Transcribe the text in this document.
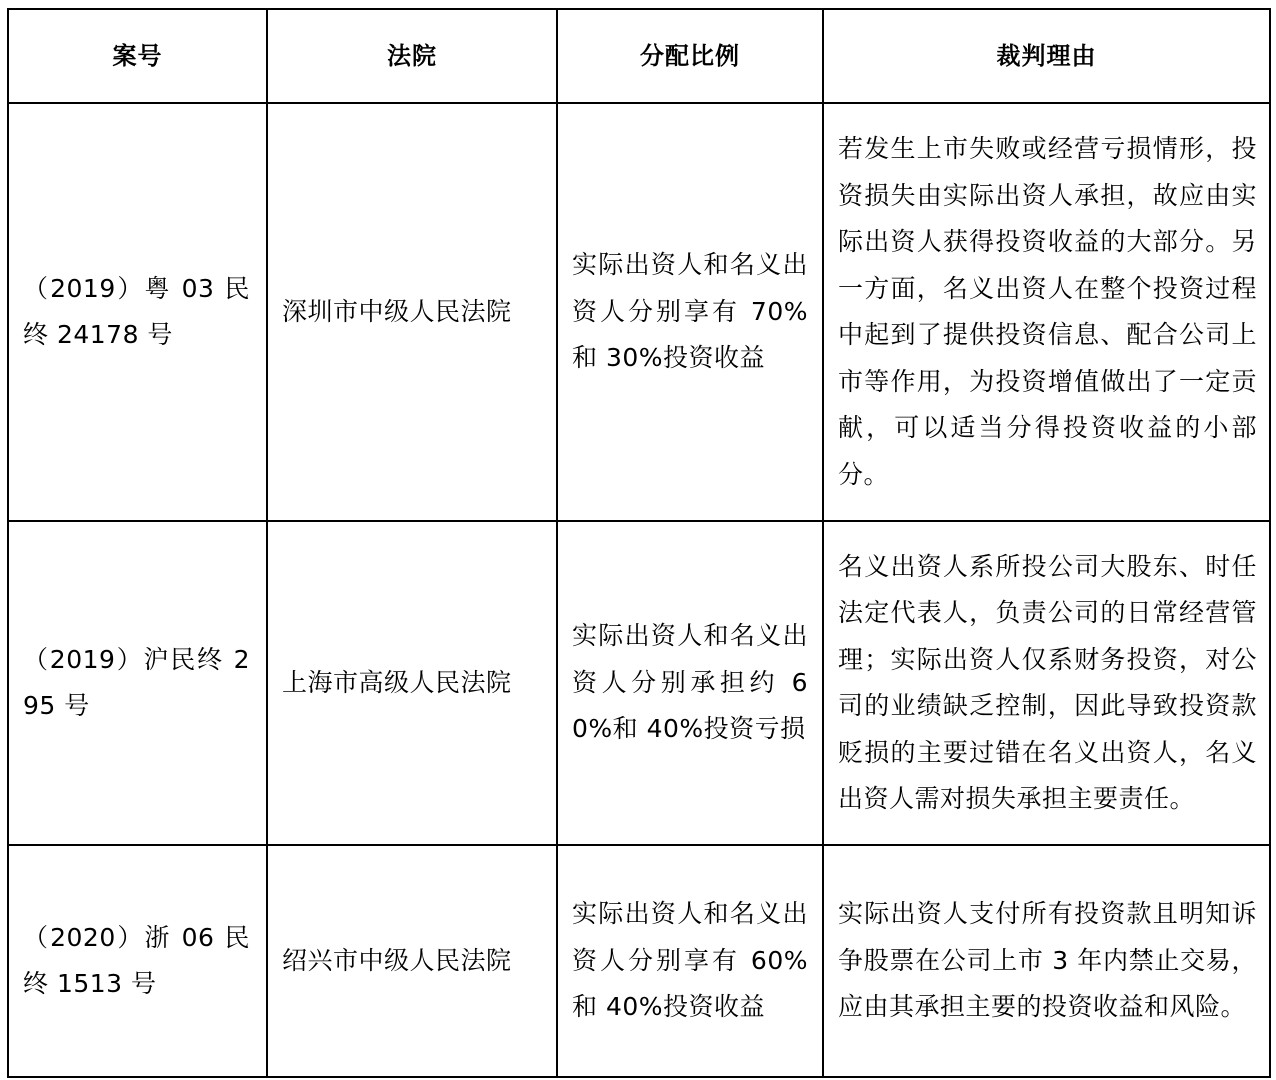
案号	法院	分配比例	裁判理由
（2019）粤 03 民终 24178 号	深圳市中级人民法院	实际出资人和名义出资人分别享有 70%和 30%投资收益	若发生上市失败或经营亏损情形，投资损失由实际出资人承担，故应由实际出资人获得投资收益的大部分。另一方面，名义出资人在整个投资过程中起到了提供投资信息、配合公司上市等作用，为投资增值做出了一定贡献，可以适当分得投资收益的小部分。
（2019）沪民终 295 号	上海市高级人民法院	实际出资人和名义出资人分别承担约 60%和 40%投资亏损	名义出资人系所投公司大股东、时任法定代表人，负责公司的日常经营管理；实际出资人仅系财务投资，对公司的业绩缺乏控制，因此导致投资款贬损的主要过错在名义出资人，名义出资人需对损失承担主要责任。
（2020）浙 06 民终 1513 号	绍兴市中级人民法院	实际出资人和名义出资人分别享有 60%和 40%投资收益	实际出资人支付所有投资款且明知诉争股票在公司上市 3 年内禁止交易，应由其承担主要的投资收益和风险。
